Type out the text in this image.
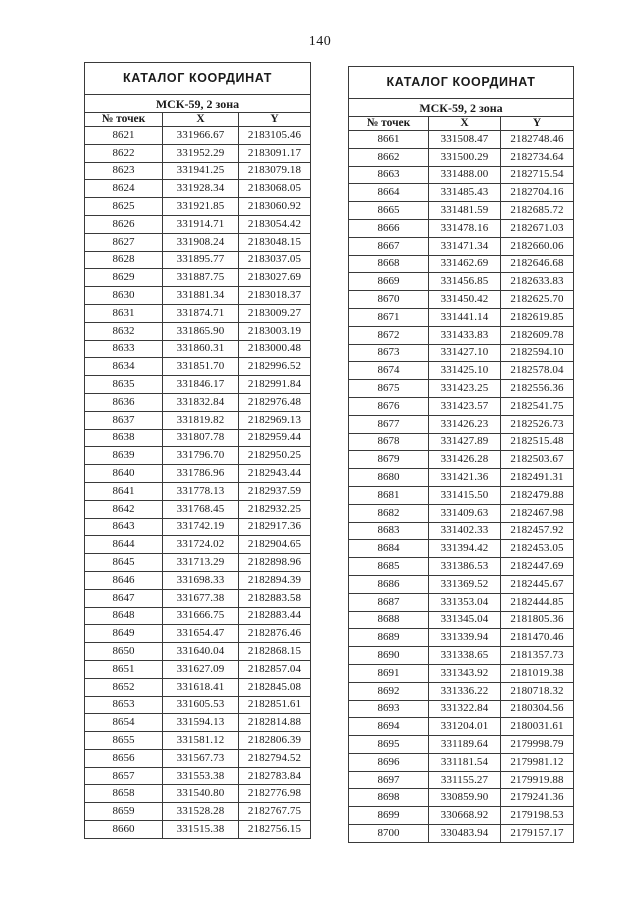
140
КАТАЛОГ КООРДИНАТ		
МСК-59, 2 зона		
№ точек	X	Y
8621	331966.67	2183105.46
8622	331952.29	2183091.17
8623	331941.25	2183079.18
8624	331928.34	2183068.05
8625	331921.85	2183060.92
8626	331914.71	2183054.42
8627	331908.24	2183048.15
8628	331895.77	2183037.05
8629	331887.75	2183027.69
8630	331881.34	2183018.37
8631	331874.71	2183009.27
8632	331865.90	2183003.19
8633	331860.31	2183000.48
8634	331851.70	2182996.52
8635	331846.17	2182991.84
8636	331832.84	2182976.48
8637	331819.82	2182969.13
8638	331807.78	2182959.44
8639	331796.70	2182950.25
8640	331786.96	2182943.44
8641	331778.13	2182937.59
8642	331768.45	2182932.25
8643	331742.19	2182917.36
8644	331724.02	2182904.65
8645	331713.29	2182898.96
8646	331698.33	2182894.39
8647	331677.38	2182883.58
8648	331666.75	2182883.44
8649	331654.47	2182876.46
8650	331640.04	2182868.15
8651	331627.09	2182857.04
8652	331618.41	2182845.08
8653	331605.53	2182851.61
8654	331594.13	2182814.88
8655	331581.12	2182806.39
8656	331567.73	2182794.52
8657	331553.38	2182783.84
8658	331540.80	2182776.98
8659	331528.28	2182767.75
8660	331515.38	2182756.15
КАТАЛОГ КООРДИНАТ		
МСК-59, 2 зона		
№ точек	X	Y
8661	331508.47	2182748.46
8662	331500.29	2182734.64
8663	331488.00	2182715.54
8664	331485.43	2182704.16
8665	331481.59	2182685.72
8666	331478.16	2182671.03
8667	331471.34	2182660.06
8668	331462.69	2182646.68
8669	331456.85	2182633.83
8670	331450.42	2182625.70
8671	331441.14	2182619.85
8672	331433.83	2182609.78
8673	331427.10	2182594.10
8674	331425.10	2182578.04
8675	331423.25	2182556.36
8676	331423.57	2182541.75
8677	331426.23	2182526.73
8678	331427.89	2182515.48
8679	331426.28	2182503.67
8680	331421.36	2182491.31
8681	331415.50	2182479.88
8682	331409.63	2182467.98
8683	331402.33	2182457.92
8684	331394.42	2182453.05
8685	331386.53	2182447.69
8686	331369.52	2182445.67
8687	331353.04	2182444.85
8688	331345.04	2181805.36
8689	331339.94	2181470.46
8690	331338.65	2181357.73
8691	331343.92	2181019.38
8692	331336.22	2180718.32
8693	331322.84	2180304.56
8694	331204.01	2180031.61
8695	331189.64	2179998.79
8696	331181.54	2179981.12
8697	331155.27	2179919.88
8698	330859.90	2179241.36
8699	330668.92	2179198.53
8700	330483.94	2179157.17
